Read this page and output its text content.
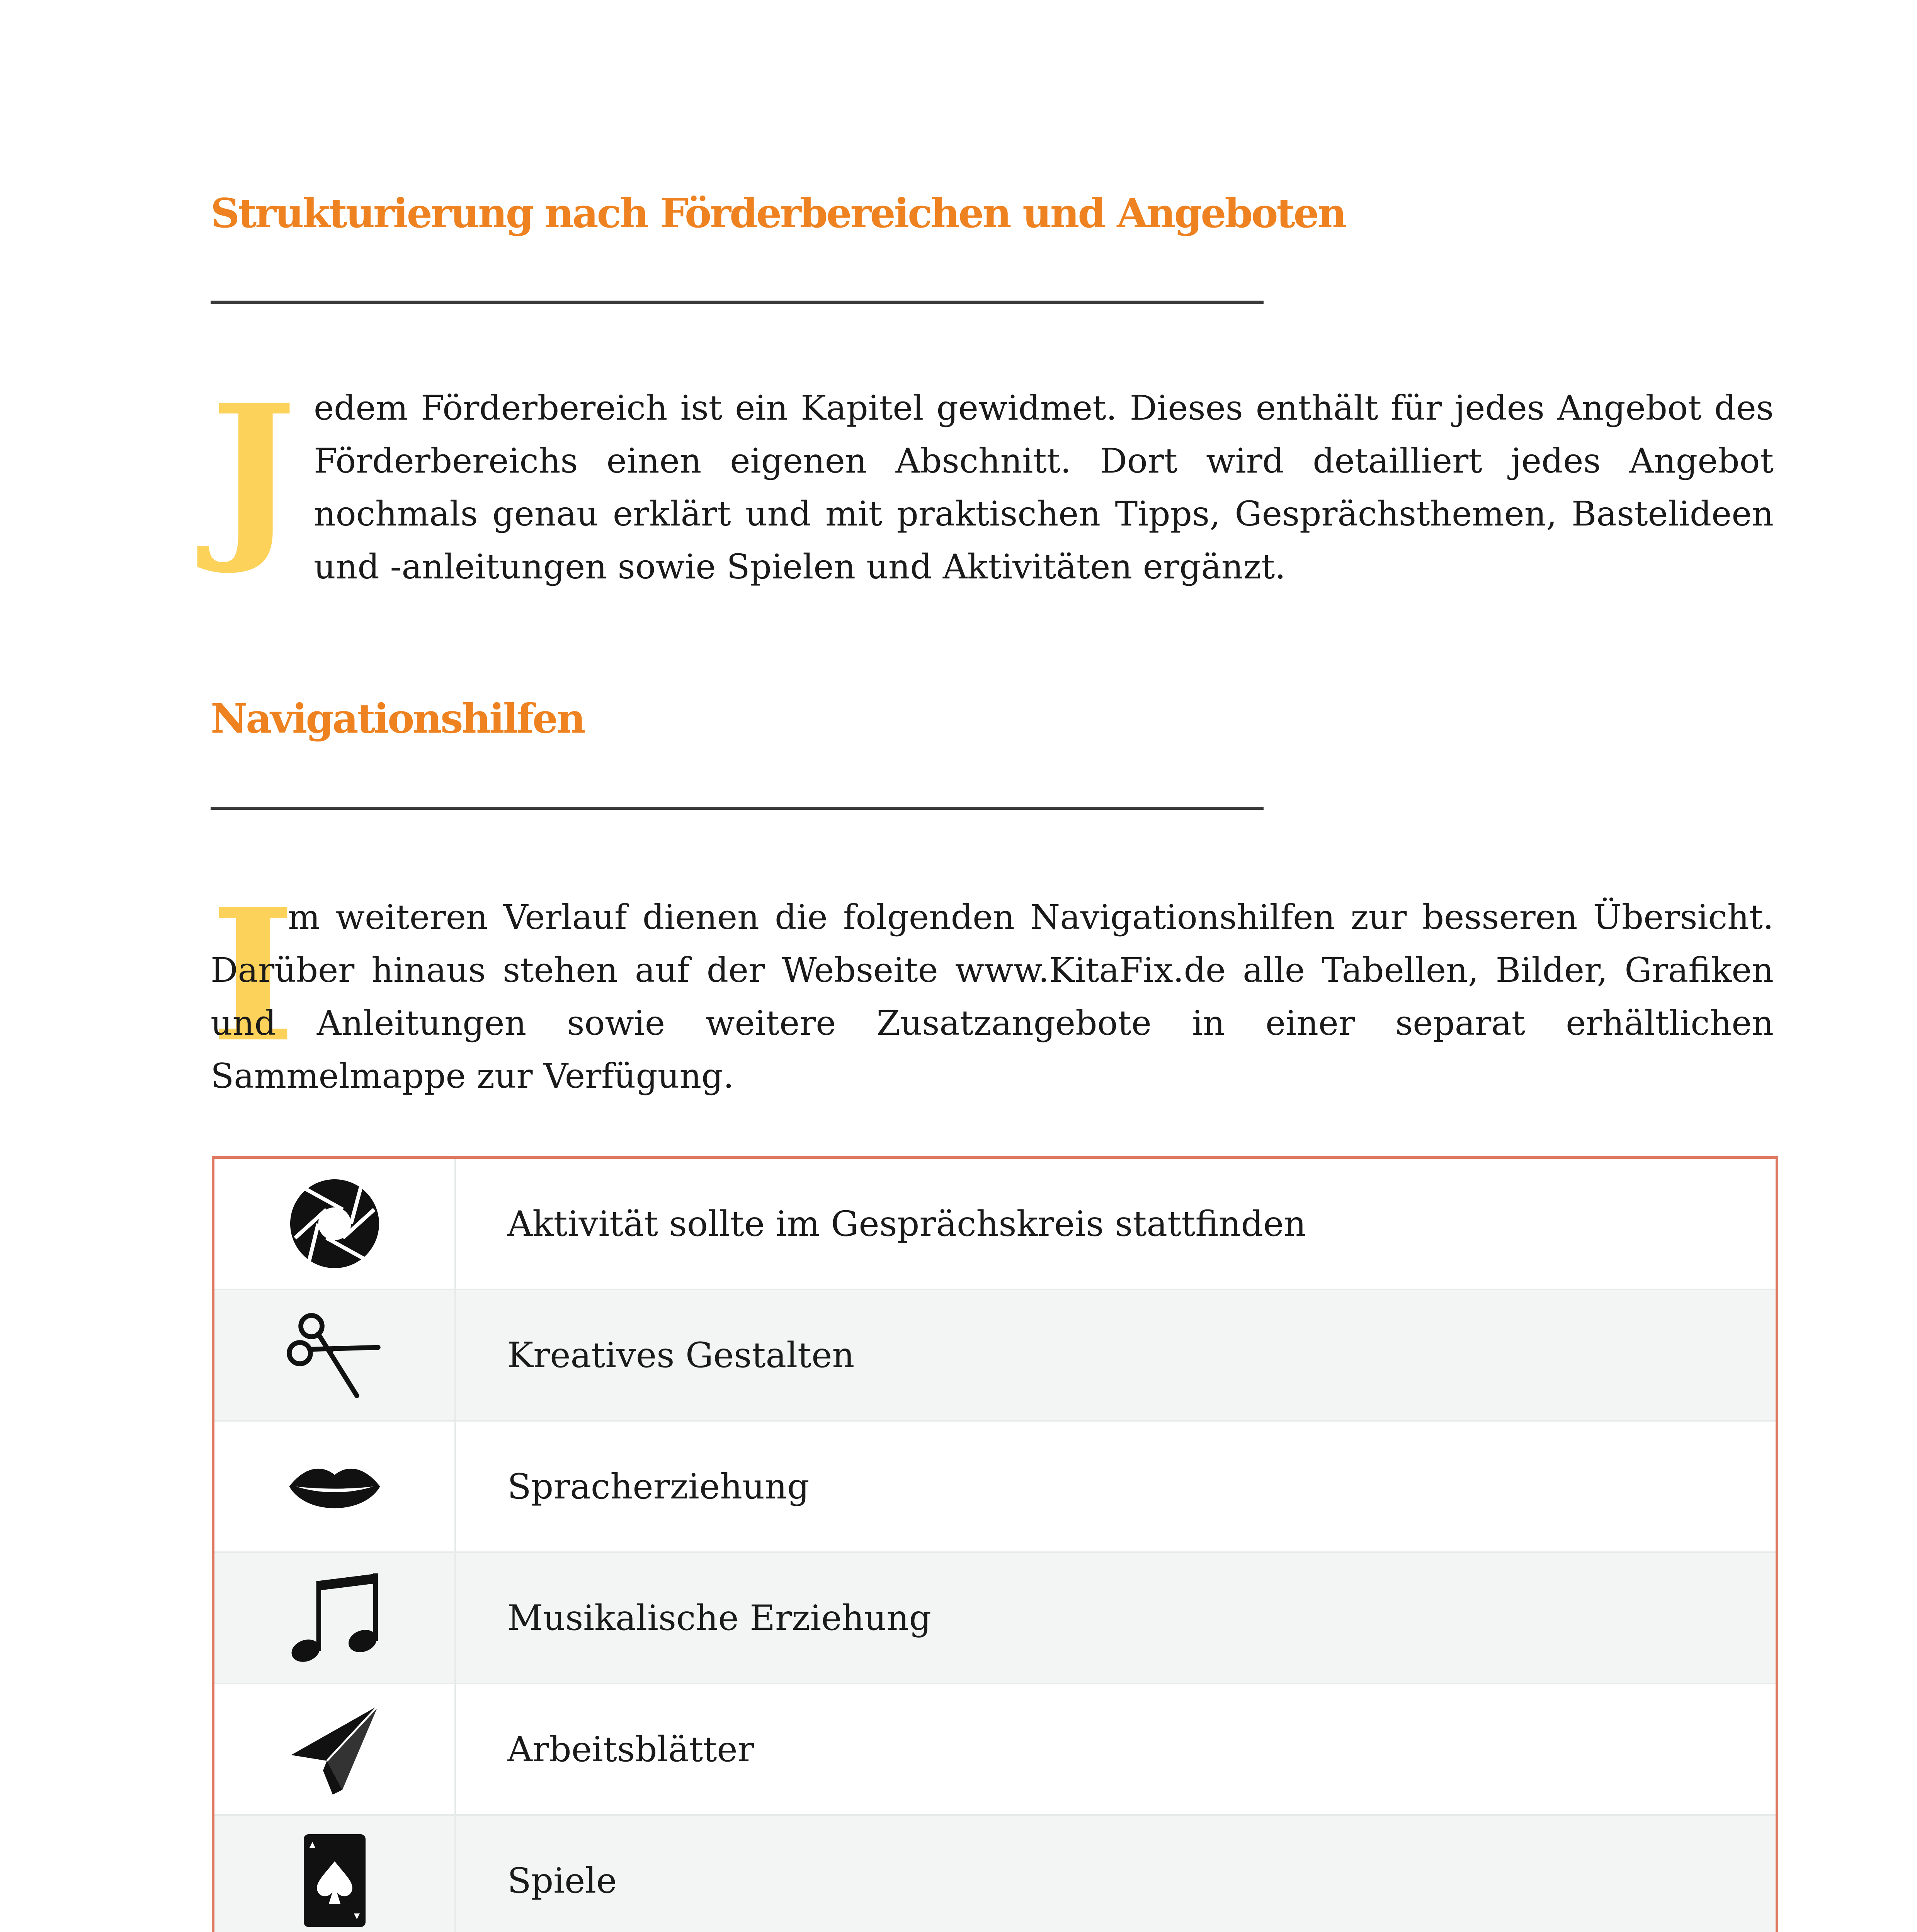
Strukturierung nach Förderbereichen und Angeboten
J edem Förderbereich ist ein Kapitel gewidmet. Dieses enthält für jedes Angebot des Förderbereichs einen eigenen Abschnitt. Dort wird detailliert jedes Angebot nochmals genau erklärt und mit praktischen Tipps, Gesprächsthemen, Bastelideen und -anleitungen sowie Spielen und Aktivitäten ergänzt.

Navigationshilfen
I

m weiteren Verlauf dienen die folgenden Navigationshilfen zur besseren Übersicht. Darüber hinaus stehen auf der Webseite www.KitaFix.de alle Tabellen, Bilder, Grafiken und Anleitungen sowie weitere Zusatzangebote in einer separat erhältlichen Sammelmappe zur Verfügung.

Aktivität sollte im Gesprächskreis stattfinden
Kreatives Gestalten
Spracherziehung
Musikalische Erziehung
Arbeitsblätter
Spiele
